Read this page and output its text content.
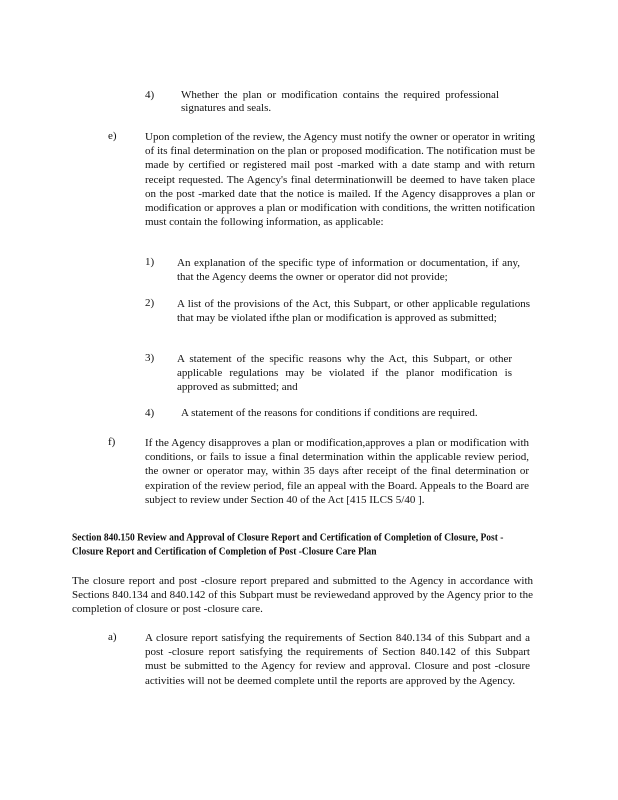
4) Whether the plan or modification contains the required professional signatures and seals.
e)	Upon completion of the review, the Agency must notify the owner or operator in writing of its final determination on the plan or proposed modification. The notification must be made by certified or registered mail post -marked with a date stamp and with return receipt requested. The Agency's final determinationwill be deemed to have taken place on the post -marked date that the notice is mailed. If the Agency disapproves a plan or modification or approves a plan or modification with conditions, the written notification must contain the following information, as applicable:
1) An explanation of the specific type of information or documentation, if any, that the Agency deems the owner or operator did not provide;
2) A list of the provisions of the Act, this Subpart, or other applicable regulations that may be violated ifthe plan or modification is approved as submitted;
3) A statement of the specific reasons why the Act, this Subpart, or other applicable regulations may be violated if the planor modification is approved as submitted; and
4) A statement of the reasons for conditions if conditions are required.
f)	If the Agency disapproves a plan or modification,approves a plan or modification with conditions, or fails to issue a final determination within the applicable review period, the owner or operator may, within 35 days after receipt of the final determination or expiration of the review period, file an appeal with the Board. Appeals to the Board are subject to review under Section 40 of the Act [415 ILCS 5/40 ].
Section 840.150 Review and Approval of Closure Report and Certification of Completion of Closure, Post -Closure Report and Certification of Completion of Post -Closure Care Plan
The closure report and post -closure report prepared and submitted to the Agency in accordance with Sections 840.134 and 840.142 of this Subpart must be reviewedand approved by the Agency prior to the completion of closure or post -closure care.
a)	A closure report satisfying the requirements of Section 840.134 of this Subpart and a post -closure report satisfying the requirements of Section 840.142 of this Subpart must be submitted to the Agency for review and approval. Closure and post -closure activities will not be deemed complete until the reports are approved by the Agency.
